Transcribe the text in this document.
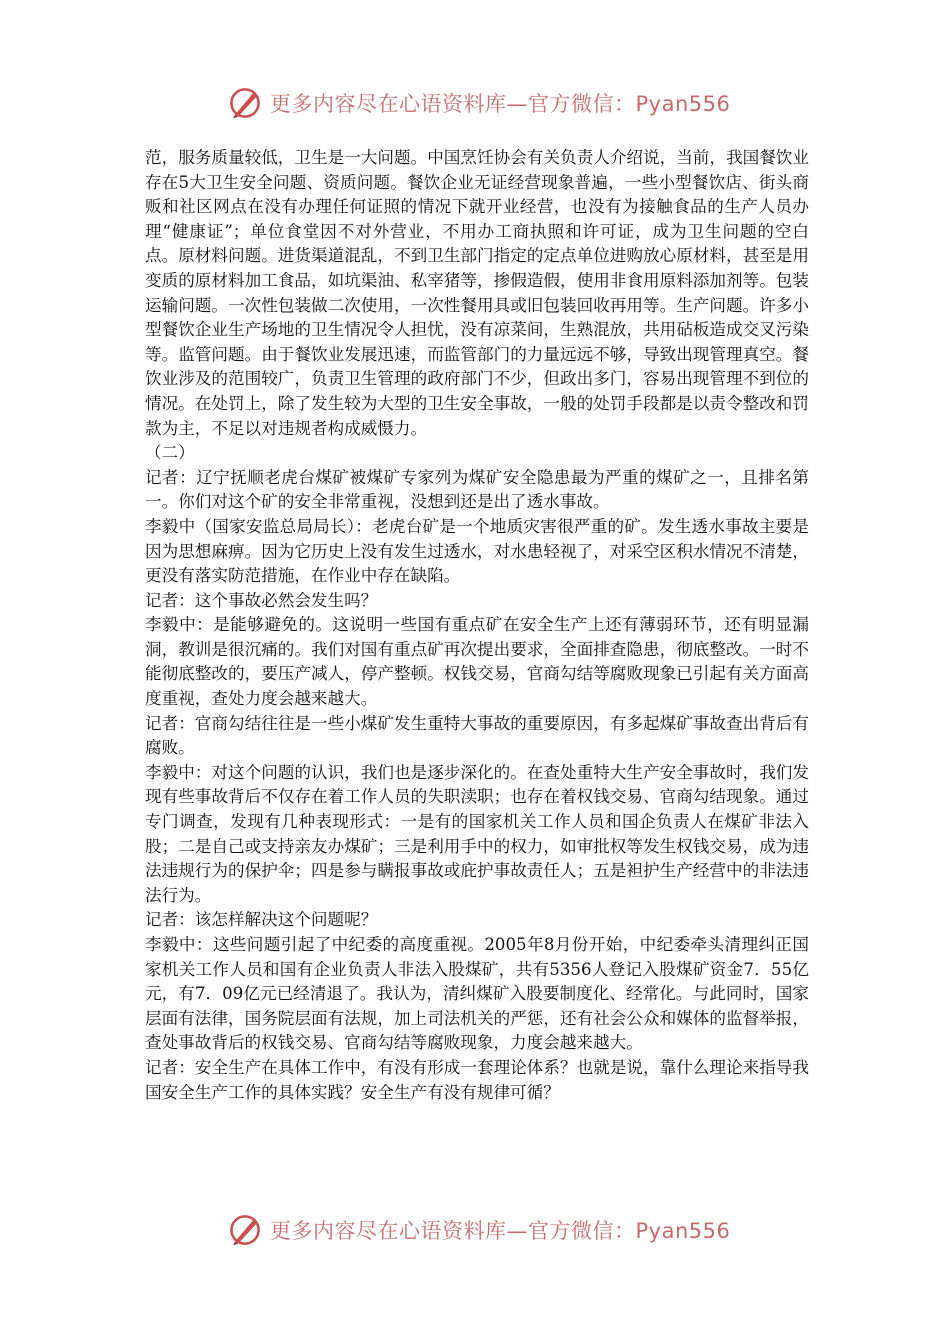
更多内容尽在心语资料库—官方微信：Pyan556

范，服务质量较低，卫生是一大问题。中国烹饪协会有关负责人介绍说，当前，我国餐饮业存在5大卫生安全问题、资质问题。餐饮企业无证经营现象普遍，一些小型餐饮店、街头商贩和社区网点在没有办理任何证照的情况下就开业经营，也没有为接触食品的生产人员办理“健康证”；单位食堂因不对外营业，不用办工商执照和许可证，成为卫生问题的空白点。原材料问题。进货渠道混乱，不到卫生部门指定的定点单位进购放心原材料，甚至是用变质的原材料加工食品，如坑渠油、私宰猪等，掺假造假，使用非食用原料添加剂等。包装运输问题。一次性包装做二次使用，一次性餐用具或旧包装回收再用等。生产问题。许多小型餐饮企业生产场地的卫生情况令人担忧，没有凉菜间，生熟混放，共用砧板造成交叉污染等。监管问题。由于餐饮业发展迅速，而监管部门的力量远远不够，导致出现管理真空。餐饮业涉及的范围较广，负责卫生管理的政府部门不少，但政出多门，容易出现管理不到位的情况。在处罚上，除了发生较为大型的卫生安全事故，一般的处罚手段都是以责令整改和罚款为主，不足以对违规者构成威慑力。

（二）

记者：辽宁抚顺老虎台煤矿被煤矿专家列为煤矿安全隐患最为严重的煤矿之一，且排名第一。你们对这个矿的安全非常重视，没想到还是出了透水事故。

李毅中（国家安监总局局长）：老虎台矿是一个地质灾害很严重的矿。发生透水事故主要是因为思想麻痹。因为它历史上没有发生过透水，对水患轻视了，对采空区积水情况不清楚，更没有落实防范措施，在作业中存在缺陷。

记者：这个事故必然会发生吗？

李毅中：是能够避免的。这说明一些国有重点矿在安全生产上还有薄弱环节，还有明显漏洞，教训是很沉痛的。我们对国有重点矿再次提出要求，全面排查隐患，彻底整改。一时不能彻底整改的，要压产减人，停产整顿。权钱交易，官商勾结等腐败现象已引起有关方面高度重视，查处力度会越来越大。

记者：官商勾结往往是一些小煤矿发生重特大事故的重要原因，有多起煤矿事故查出背后有腐败。

李毅中：对这个问题的认识，我们也是逐步深化的。在查处重特大生产安全事故时，我们发现有些事故背后不仅存在着工作人员的失职渎职；也存在着权钱交易、官商勾结现象。通过专门调查，发现有几种表现形式：一是有的国家机关工作人员和国企负责人在煤矿非法入股；二是自己或支持亲友办煤矿；三是利用手中的权力，如审批权等发生权钱交易，成为违法违规行为的保护伞；四是参与瞒报事故或庇护事故责任人；五是袒护生产经营中的非法违法行为。

记者：该怎样解决这个问题呢？

李毅中：这些问题引起了中纪委的高度重视。2005年8月份开始，中纪委牵头清理纠正国家机关工作人员和国有企业负责人非法入股煤矿，共有5356人登记入股煤矿资金7．55亿元，有7．09亿元已经清退了。我认为，清纠煤矿入股要制度化、经常化。与此同时，国家层面有法律，国务院层面有法规，加上司法机关的严惩，还有社会公众和媒体的监督举报，查处事故背后的权钱交易、官商勾结等腐败现象，力度会越来越大。

记者：安全生产在具体工作中，有没有形成一套理论体系？也就是说，靠什么理论来指导我国安全生产工作的具体实践？安全生产有没有规律可循？

更多内容尽在心语资料库—官方微信：Pyan556
